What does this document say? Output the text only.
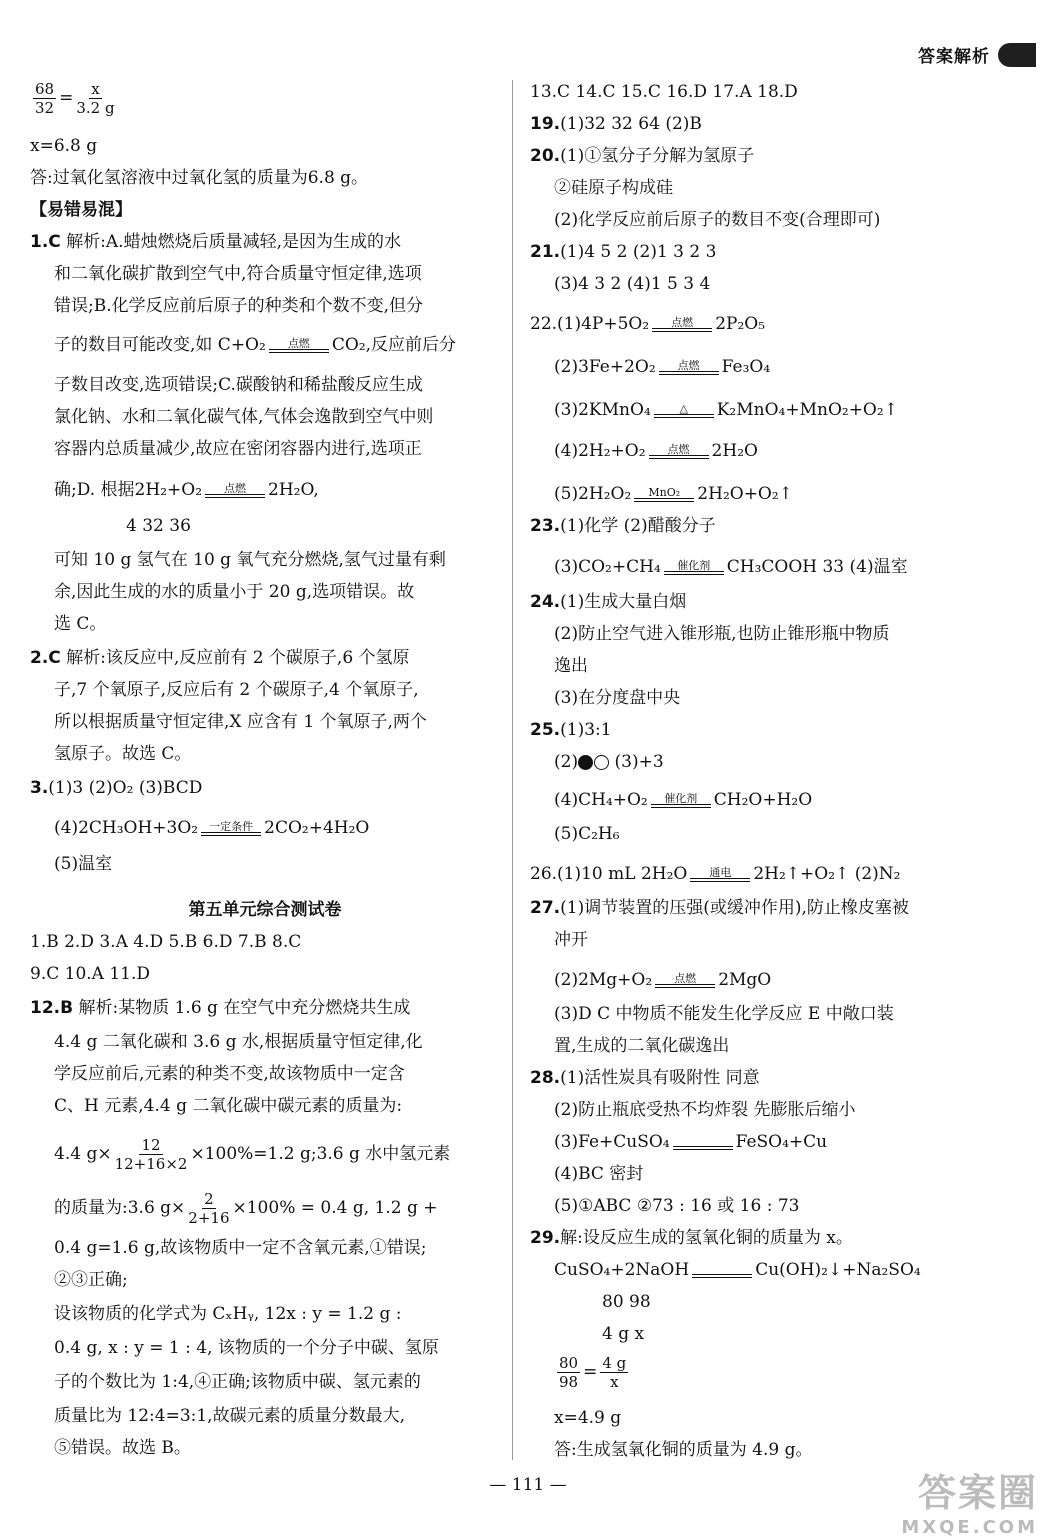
答案解析
$\frac{68}{32} = \frac{x}{3.2 g}$
x=6.8 g
答:过氧化氢溶液中过氧化氢的质量为6.8 g。
【易错易混】
1.C 解析:A.蜡烛燃烧后质量减轻,是因为生成的水
和二氧化碳扩散到空气中,符合质量守恒定律,选项
错误;B.化学反应前后原子的种类和个数不变,但分
子的数目可能改变,如 C+O₂ 点燃 CO₂,反应前后分
子数目改变,选项错误;C.碳酸钠和稀盐酸反应生成
氯化钠、水和二氧化碳气体,气体会逸散到空气中则
容器内总质量减少,故应在密闭容器内进行,选项正
确;D. 根据2H₂+O₂ 点燃 2H₂O,
4 32 36
可知 10 g 氢气在 10 g 氧气充分燃烧,氢气过量有剩
余,因此生成的水的质量小于 20 g,选项错误。故
选 C。
2.C 解析:该反应中,反应前有 2 个碳原子,6 个氢原
子,7 个氧原子,反应后有 2 个碳原子,4 个氧原子,
所以根据质量守恒定律,X 应含有 1 个氧原子,两个
氢原子。故选 C。
3.(1)3 (2)O₂ (3)BCD
(4)2CH₃OH+3O₂ 一定条件 2CO₂+4H₂O
(5)温室
第五单元综合测试卷
1.B 2.D 3.A 4.D 5.B 6.D 7.B 8.C
9.C 10.A 11.D
12.B 解析:某物质 1.6 g 在空气中充分燃烧共生成
4.4 g 二氧化碳和 3.6 g 水,根据质量守恒定律,化
学反应前后,元素的种类不变,故该物质中一定含
C、H 元素,4.4 g 二氧化碳中碳元素的质量为:
4.4 $g\times \frac{12}{12+16\times 2} \times 100\%=1.2$ g;3.6 g 水中氢元素
的质量为:3.6 $g\times \frac{2}{2+16} \times 100\% = 0.4$ g, 1.2 g +
0.4 g=1.6 g,故该物质中一定不含氧元素,①错误;
②③正确;
设该物质的化学式为 CₓHᵧ, 12x : y = 1.2 g :
0.4 g, x : y = 1 : 4, 该物质的一个分子中碳、氢原
子的个数比为 1:4,④正确;该物质中碳、氢元素的
质量比为 12:4=3:1,故碳元素的质量分数最大,
⑤错误。故选 B。
13.C 14.C 15.C 16.D 17.A 18.D
19.(1)32 32 64 (2)B
20.(1)①氢分子分解为氢原子
②硅原子构成硅
(2)化学反应前后原子的数目不变(合理即可)
21.(1)4 5 2 (2)1 3 2 3
(3)4 3 2 (4)1 5 3 4
22.(1)4P+5O₂ 点燃 2P₂O₅
(2)3Fe+2O₂ 点燃 Fe₃O₄
(3)2KMnO₄	△ K₂MnO₄+MnO₂+O₂↑
(4)2H₂+O₂ 点燃 2H₂O
(5)2H₂O₂ MnO₂ 2H₂O+O₂↑
23.(1)化学 (2)醋酸分子
(3)CO₂+CH₄ 催化剂 CH₃COOH 33 (4)温室
24.(1)生成大量白烟
(2)防止空气进入锥形瓶,也防止锥形瓶中物质
逸出
(3)在分度盘中央
25.(1)3:1
(2)
(3)+3
(4)CH₄+O₂ 催化剂 CH₂O+H₂O
(5)C₂H₆
26.(1)10 mL 2H₂O 通电 2H₂↑+O₂↑ (2)N₂
27.(1)调节装置的压强(或缓冲作用),防止橡皮塞被
冲开
(2)2Mg+O₂ 点燃 2MgO
(3)D C 中物质不能发生化学反应 E 中敞口装
置,生成的二氧化碳逸出
28.(1)活性炭具有吸附性 同意
(2)防止瓶底受热不均炸裂 先膨胀后缩小
(3)Fe+CuSO₄
	FeSO₄+Cu
(4)BC 密封
(5)①ABC ②73 : 16 或 16 : 73
29.解:设反应生成的氢氧化铜的质量为 x。
CuSO₄+2NaOH
	Cu(OH)₂↓+Na₂SO₄
80 98
4 g x
$\frac{80}{98} = \frac{4 g}{x}$
x=4.9 g
答:生成氢氧化铜的质量为 4.9 g。
— 111 —	答案圈
MXQE.COM
